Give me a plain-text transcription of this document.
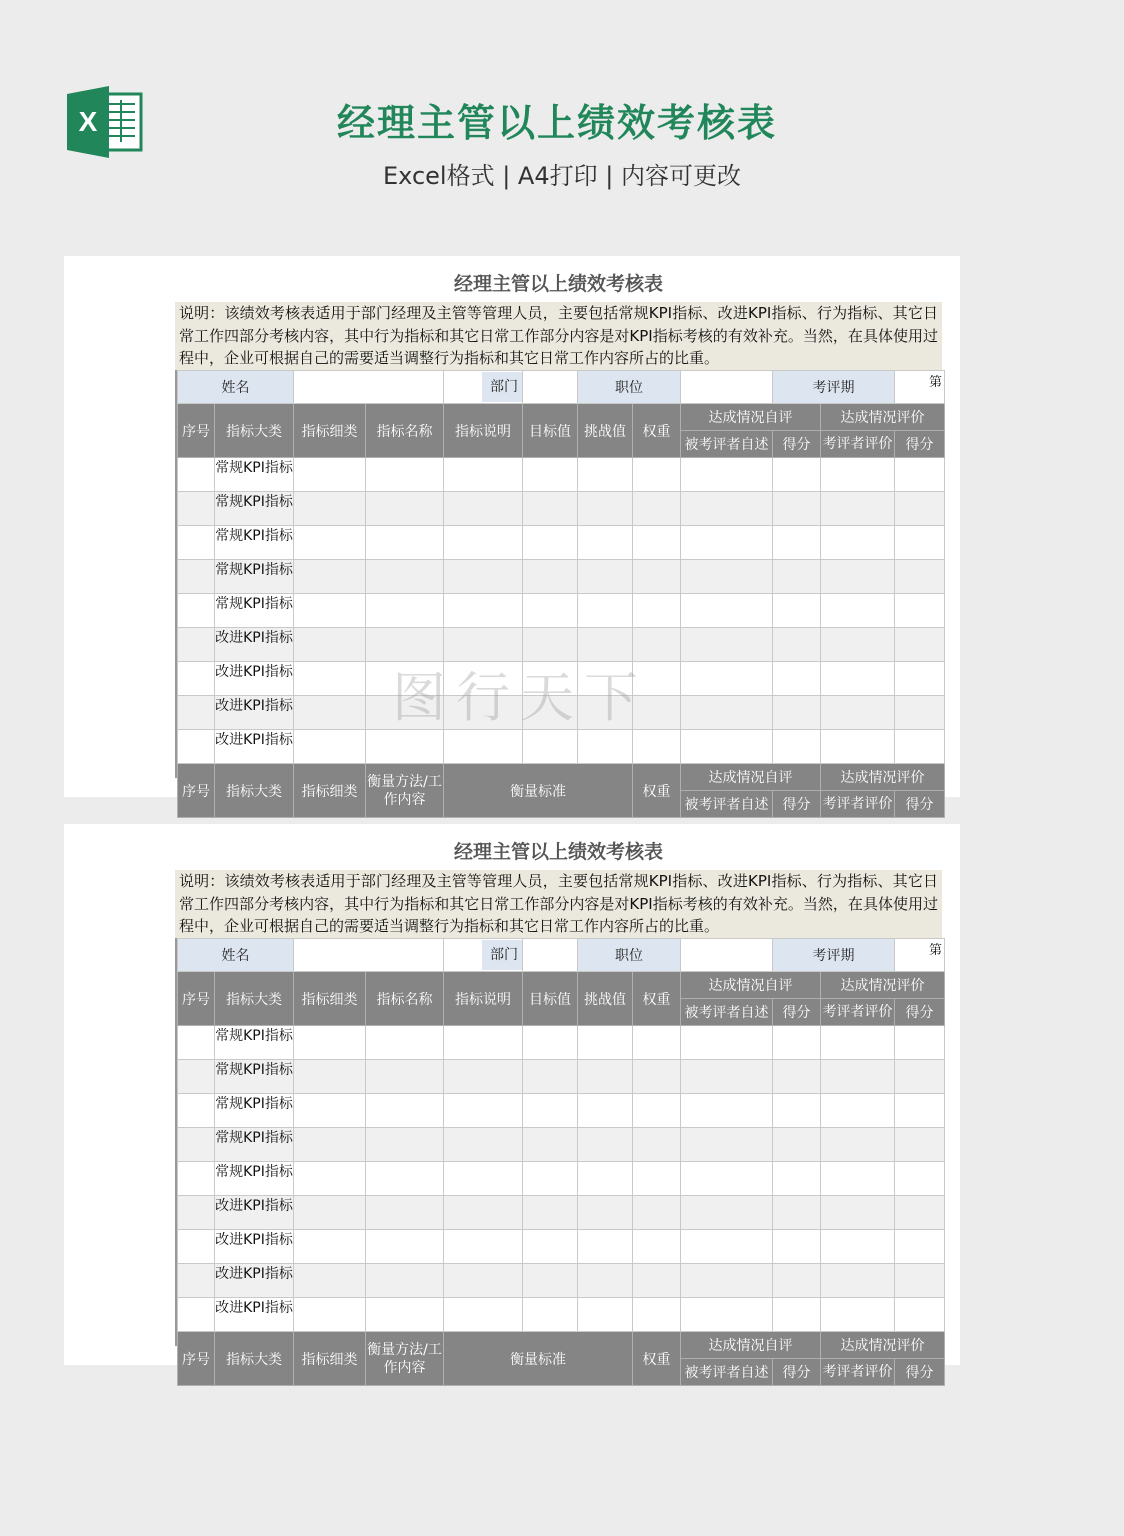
X	经理主管以上绩效考核表
Excel格式 | A4打印 | 内容可更改
经理主管以上绩效考核表
说明：该绩效考核表适用于部门经理及主管等管理人员，主要包括常规KPI指标、改进KPI指标、行为指标、其它日常工作四部分考核内容，其中行为指标和其它日常工作部分内容是对KPI指标考核的有效补充。当然，在具体使用过程中，企业可根据自己的需要适当调整行为指标和其它日常工作内容所占的比重。
姓名				部门		职位			考评期		第
序号	指标大类	指标细类	指标名称	指标说明	目标值	挑战值	权重	达成情况自评		达成情况评价	
								被考评者自述	得分	考评者评价	得分

	常规KPI指标										

	常规KPI指标										

	常规KPI指标										

	常规KPI指标										

	常规KPI指标										

	改进KPI指标										

	改进KPI指标										

	改进KPI指标										

	改进KPI指标										

序号	指标大类	指标细类	衡量方法/工作内容	衡量标准			权重	达成情况自评		达成情况评价	
								被考评者自述	得分	考评者评价	得分
经理主管以上绩效考核表
说明：该绩效考核表适用于部门经理及主管等管理人员，主要包括常规KPI指标、改进KPI指标、行为指标、其它日常工作四部分考核内容，其中行为指标和其它日常工作部分内容是对KPI指标考核的有效补充。当然，在具体使用过程中，企业可根据自己的需要适当调整行为指标和其它日常工作内容所占的比重。
姓名				部门		职位			考评期		第
序号	指标大类	指标细类	指标名称	指标说明	目标值	挑战值	权重	达成情况自评		达成情况评价	
								被考评者自述	得分	考评者评价	得分

	常规KPI指标										

	常规KPI指标										

	常规KPI指标										

	常规KPI指标										

	常规KPI指标										

	改进KPI指标										

	改进KPI指标										

	改进KPI指标										

	改进KPI指标										

序号	指标大类	指标细类	衡量方法/工作内容	衡量标准			权重	达成情况自评		达成情况评价	
								被考评者自述	得分	考评者评价	得分
图行天下
